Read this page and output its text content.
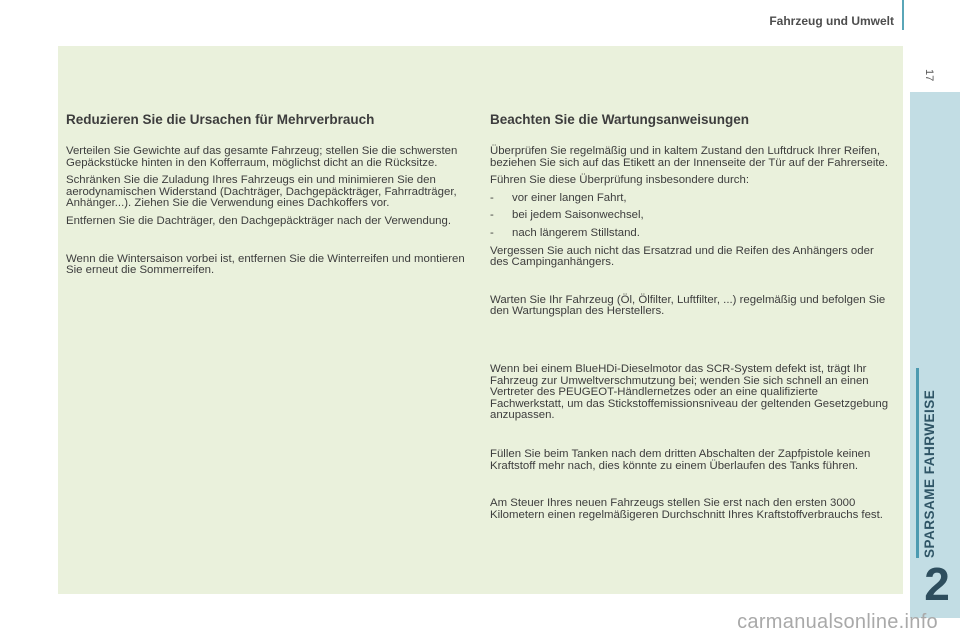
Fahrzeug und Umwelt
17
SPARSAME FAHRWEISE
2
Reduzieren Sie die Ursachen für Mehrverbrauch

Verteilen Sie Gewichte auf das gesamte Fahrzeug; stellen Sie die schwersten Gepäckstücke hinten in den Kofferraum, möglichst dicht an die Rücksitze.

Schränken Sie die Zuladung Ihres Fahrzeugs ein und minimieren Sie den aerodynamischen Widerstand (Dachträger, Dachgepäckträger, Fahrradträger, Anhänger...). Ziehen Sie die Verwendung eines Dachkoffers vor.

Entfernen Sie die Dachträger, den Dachgepäckträger nach der Verwendung.

Wenn die Wintersaison vorbei ist, entfernen Sie die Winterreifen und montieren Sie erneut die Sommerreifen.

Beachten Sie die Wartungsanweisungen

Überprüfen Sie regelmäßig und in kaltem Zustand den Luftdruck Ihrer Reifen, beziehen Sie sich auf das Etikett an der Innenseite der Tür auf der Fahrerseite.

Führen Sie diese Überprüfung insbesondere durch:

-	vor einer langen Fahrt,
-	bei jedem Saisonwechsel,
-	nach längerem Stillstand.

Vergessen Sie auch nicht das Ersatzrad und die Reifen des Anhängers oder des Campinganhängers.

Warten Sie Ihr Fahrzeug (Öl, Ölfilter, Luftfilter, ...) regelmäßig und befolgen Sie den Wartungsplan des Herstellers.

Wenn bei einem BlueHDi-Dieselmotor das SCR-System defekt ist, trägt Ihr Fahrzeug zur Umweltverschmutzung bei; wenden Sie sich schnell an einen Vertreter des PEUGEOT-Händlernetzes oder an eine qualifizierte Fachwerkstatt, um das Stickstoffemissionsniveau der geltenden Gesetzgebung anzupassen.

Füllen Sie beim Tanken nach dem dritten Abschalten der Zapfpistole keinen Kraftstoff mehr nach, dies könnte zu einem Überlaufen des Tanks führen.

Am Steuer Ihres neuen Fahrzeugs stellen Sie erst nach den ersten 3000 Kilometern einen regelmäßigeren Durchschnitt Ihres Kraftstoffverbrauchs fest.

carmanualsonline.info
